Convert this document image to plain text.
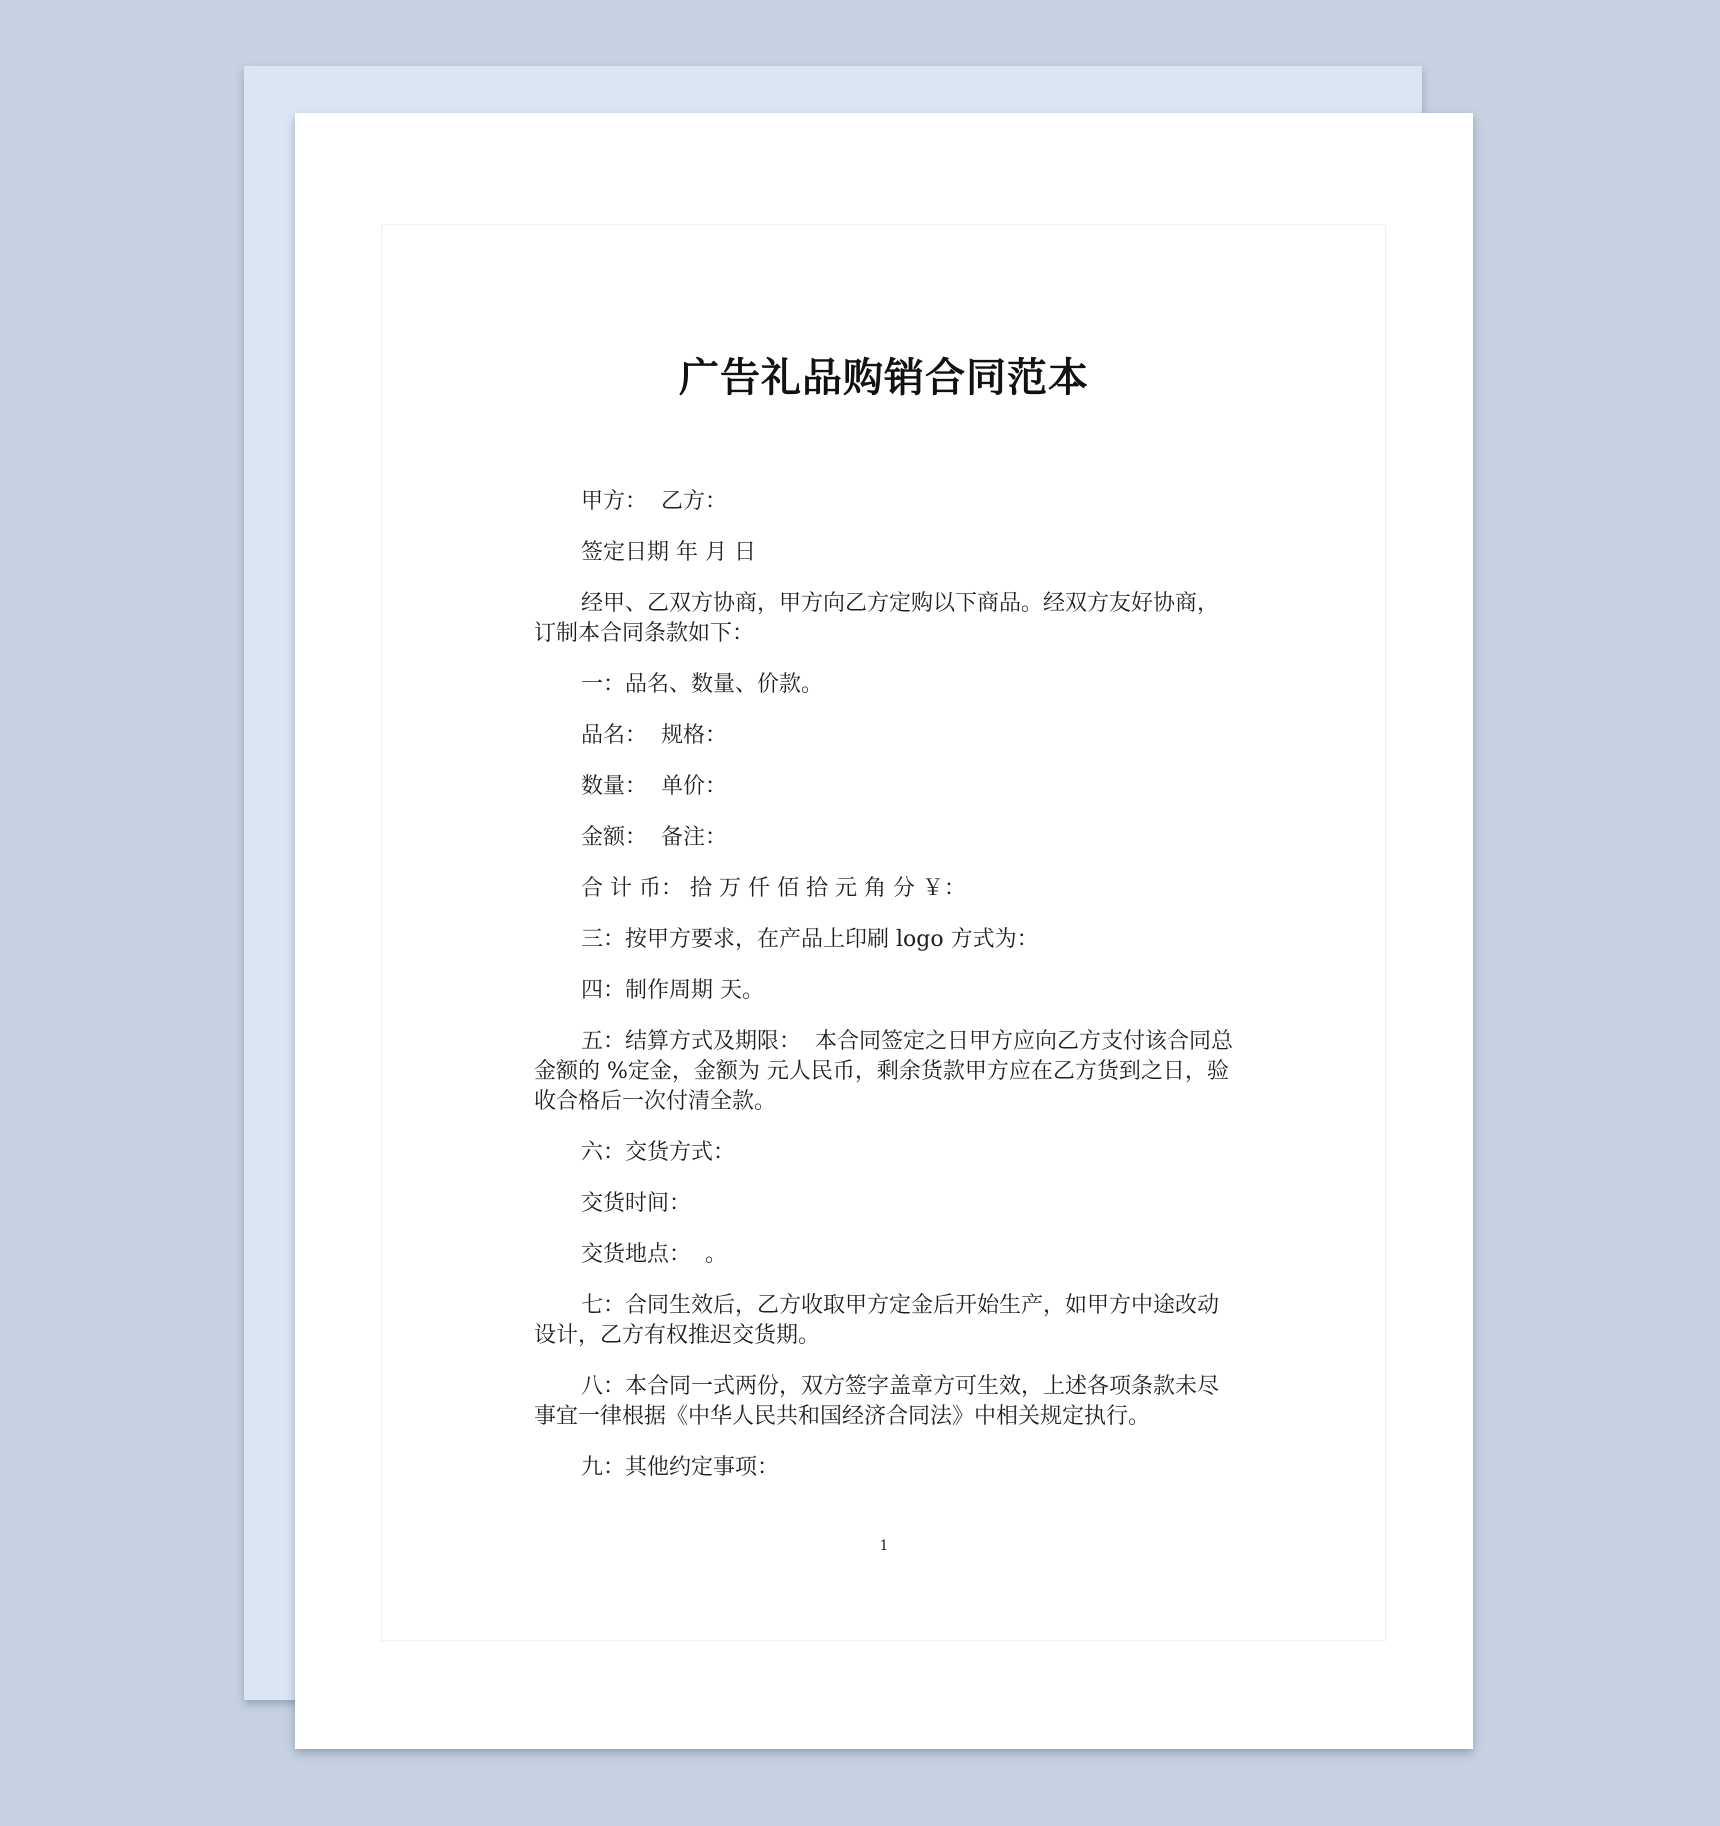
广告礼品购销合同范本

甲方：  乙方：

签定日期 年 月 日

经甲、乙双方协商，甲方向乙方定购以下商品。经双方友好协商，订制本合同条款如下：

一：品名、数量、价款。

品名：  规格：

数量：  单价：

金额：  备注：

合 计 币： 拾 万 仟 佰 拾 元 角 分 ￥：

三：按甲方要求，在产品上印刷 logo 方式为：

四：制作周期 天。

五：结算方式及期限：  本合同签定之日甲方应向乙方支付该合同总金额的 %定金，金额为 元人民币，剩余货款甲方应在乙方货到之日，验收合格后一次付清全款。

六：交货方式：

交货时间：

交货地点：  。

七：合同生效后，乙方收取甲方定金后开始生产，如甲方中途改动设计，乙方有权推迟交货期。

八：本合同一式两份，双方签字盖章方可生效，上述各项条款未尽事宜一律根据《中华人民共和国经济合同法》中相关规定执行。

九：其他约定事项：

1
